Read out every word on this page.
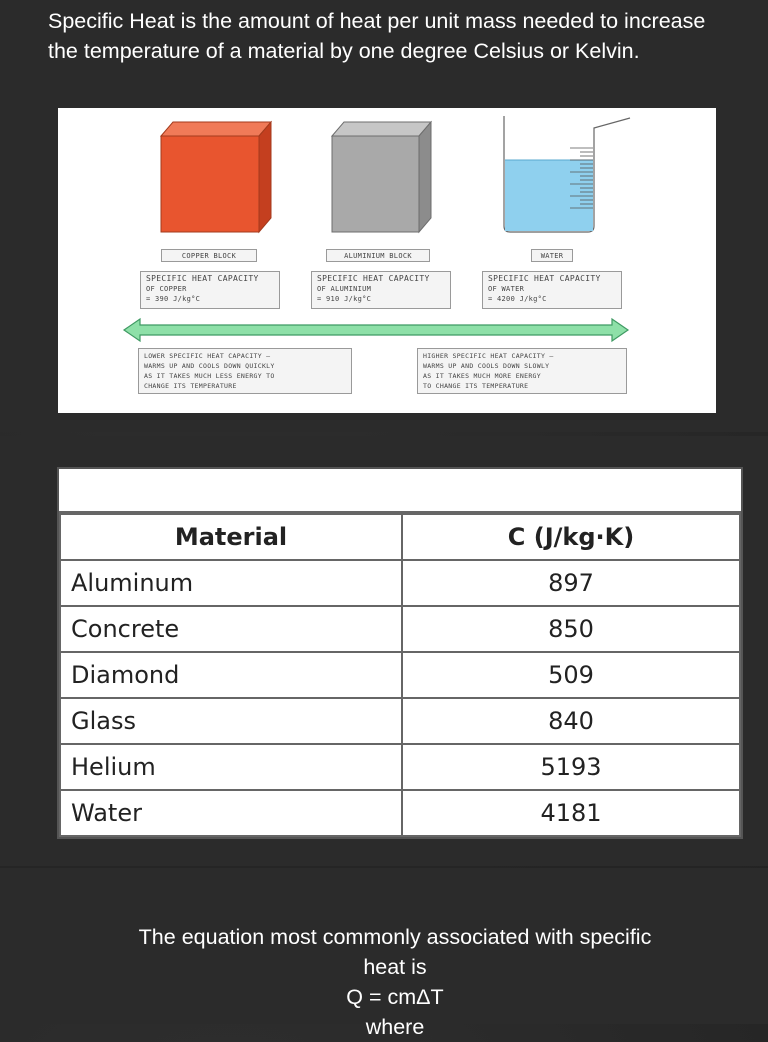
Specific Heat is the amount of heat per unit mass needed to increase the temperature of a material by one degree Celsius or Kelvin.

COPPER BLOCK	ALUMINIUM BLOCK	WATER
SPECIFIC HEAT CAPACITY
OF COPPER
= 390 J/kg°C
SPECIFIC HEAT CAPACITY
OF ALUMINIUM
= 910 J/kg°C
SPECIFIC HEAT CAPACITY
OF WATER
= 4200 J/kg°C
LOWER SPECIFIC HEAT CAPACITY –
WARMS UP AND COOLS DOWN QUICKLY
AS IT TAKES MUCH LESS ENERGY TO
CHANGE ITS TEMPERATURE
HIGHER SPECIFIC HEAT CAPACITY –
WARMS UP AND COOLS DOWN SLOWLY
AS IT TAKES MUCH MORE ENERGY
TO CHANGE ITS TEMPERATURE
Specific Heats of Selected Materials
Material	C (J/kg·K)
Aluminum	897
Concrete	850
Diamond	509
Glass	840
Helium	5193
Water	4181
The equation most commonly associated with specific
heat is
Q = cmΔT
where
